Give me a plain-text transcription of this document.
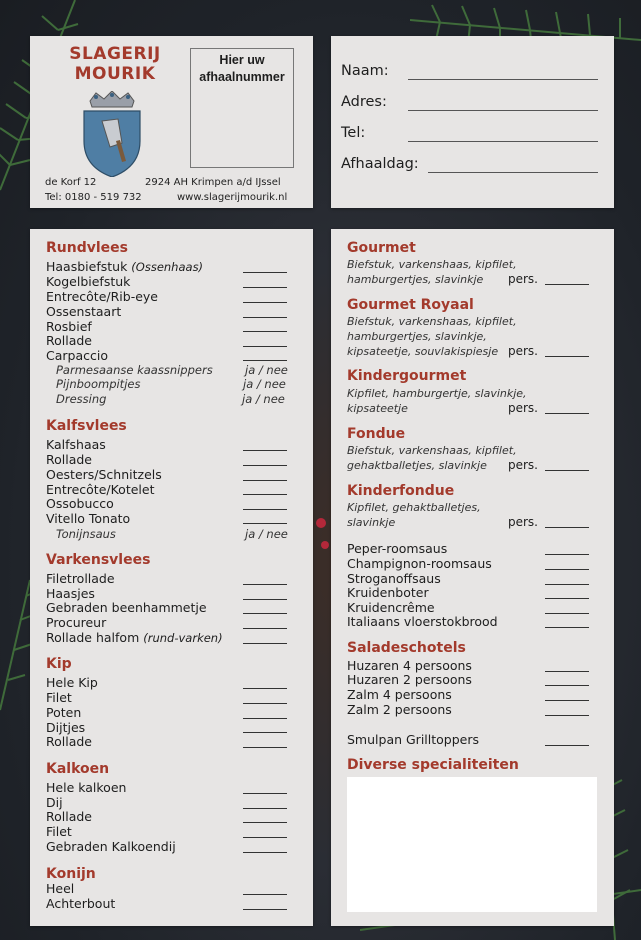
SLAGERIJ
MOURIK
Hier uw
afhaalnummer
de Korf 12	2924 AH Krimpen a/d IJssel
Tel: 0180 - 519 732	www.slagerijmourik.nl
Naam:
Adres:
Tel:
Afhaaldag:
Rundvlees
Haasbiefstuk (Ossenhaas)
Kogelbiefstuk
Entrecôte/Rib-eye
Ossenstaart
Rosbief
Rollade
Carpaccio
Parmesaanse kaassnippers	ja / nee
Pijnboompitjes	ja / nee
Dressing	ja / nee
Kalfsvlees
Kalfshaas
Rollade
Oesters/Schnitzels
Entrecôte/Kotelet
Ossobucco
Vitello Tonato
Tonijnsaus	ja / nee
Varkensvlees
Filetrollade
Haasjes
Gebraden beenhammetje
Procureur
Rollade halfom (rund-varken)
Kip
Hele Kip
Filet
Poten
Dijtjes
Rollade
Kalkoen
Hele kalkoen
Dij
Rollade
Filet
Gebraden Kalkoendij
Konijn
Heel
Achterbout
Gourmet
Biefstuk, varkenshaas, kipfilet,
hamburgertjes, slavinkje	pers.
Gourmet Royaal
Biefstuk, varkenshaas, kipfilet,
hamburgertjes, slavinkje,
kipsateetje, souvlakispiesje pers.
Kindergourmet
Kipfilet, hamburgertje, slavinkje,
kipsateetje	pers.
Fondue
Biefstuk, varkenshaas, kipfilet,
gehaktballetjes, slavinkje	pers.
Kinderfondue
Kipfilet, gehaktballetjes,
slavinkje	pers.
Peper-roomsaus
Champignon-roomsaus
Stroganoffsaus
Kruidenboter
Kruidencrême
Italiaans vloerstokbrood
Saladeschotels
Huzaren 4 persoons
Huzaren 2 persoons
Zalm 4 persoons
Zalm 2 persoons
Smulpan Grilltoppers
Diverse specialiteiten
